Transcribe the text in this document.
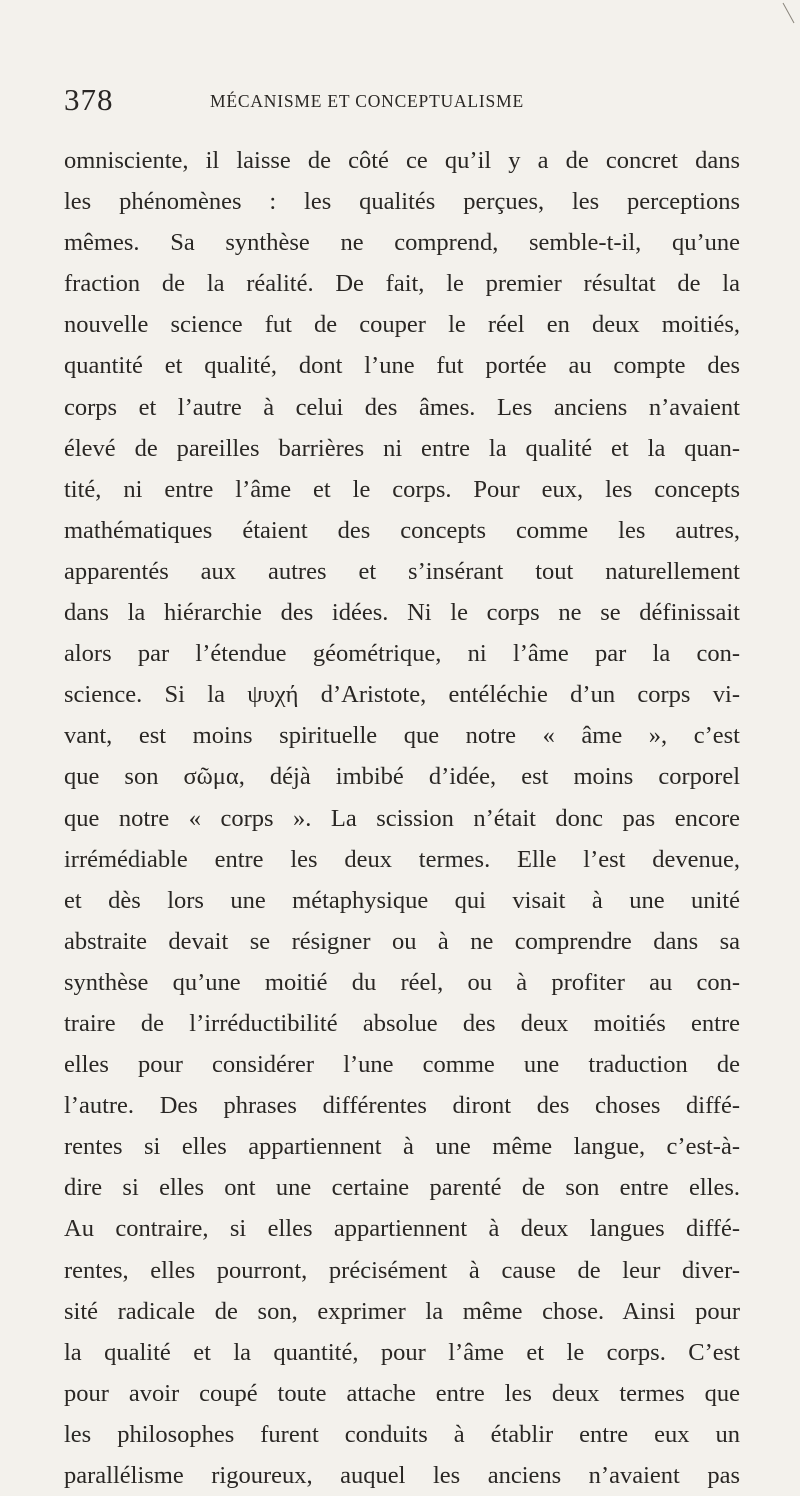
378	MÉCANISME ET CONCEPTUALISME
omnisciente, il laisse de côté ce qu’il y a de concret dans
les phénomènes : les qualités perçues, les perceptions
mêmes. Sa synthèse ne comprend, semble-t-il, qu’une
fraction de la réalité. De fait, le premier résultat de la
nouvelle science fut de couper le réel en deux moitiés,
quantité et qualité, dont l’une fut portée au compte des
corps et l’autre à celui des âmes. Les anciens n’avaient
élevé de pareilles barrières ni entre la qualité et la quan-
tité, ni entre l’âme et le corps. Pour eux, les concepts
mathématiques étaient des concepts comme les autres,
apparentés aux autres et s’insérant tout naturellement
dans la hiérarchie des idées. Ni le corps ne se définissait
alors par l’étendue géométrique, ni l’âme par la con-
science. Si la ψυχή d’Aristote, entéléchie d’un corps vi-
vant, est moins spirituelle que notre « âme », c’est
que son σῶμα, déjà imbibé d’idée, est moins corporel
que notre « corps ». La scission n’était donc pas encore
irrémédiable entre les deux termes. Elle l’est devenue,
et dès lors une métaphysique qui visait à une unité
abstraite devait se résigner ou à ne comprendre dans sa
synthèse qu’une moitié du réel, ou à profiter au con-
traire de l’irréductibilité absolue des deux moitiés entre
elles pour considérer l’une comme une traduction de
l’autre. Des phrases différentes diront des choses diffé-
rentes si elles appartiennent à une même langue, c’est-à-
dire si elles ont une certaine parenté de son entre elles.
Au contraire, si elles appartiennent à deux langues diffé-
rentes, elles pourront, précisément à cause de leur diver-
sité radicale de son, exprimer la même chose. Ainsi pour
la qualité et la quantité, pour l’âme et le corps. C’est
pour avoir coupé toute attache entre les deux termes que
les philosophes furent conduits à établir entre eux un
parallélisme rigoureux, auquel les anciens n’avaient pas
